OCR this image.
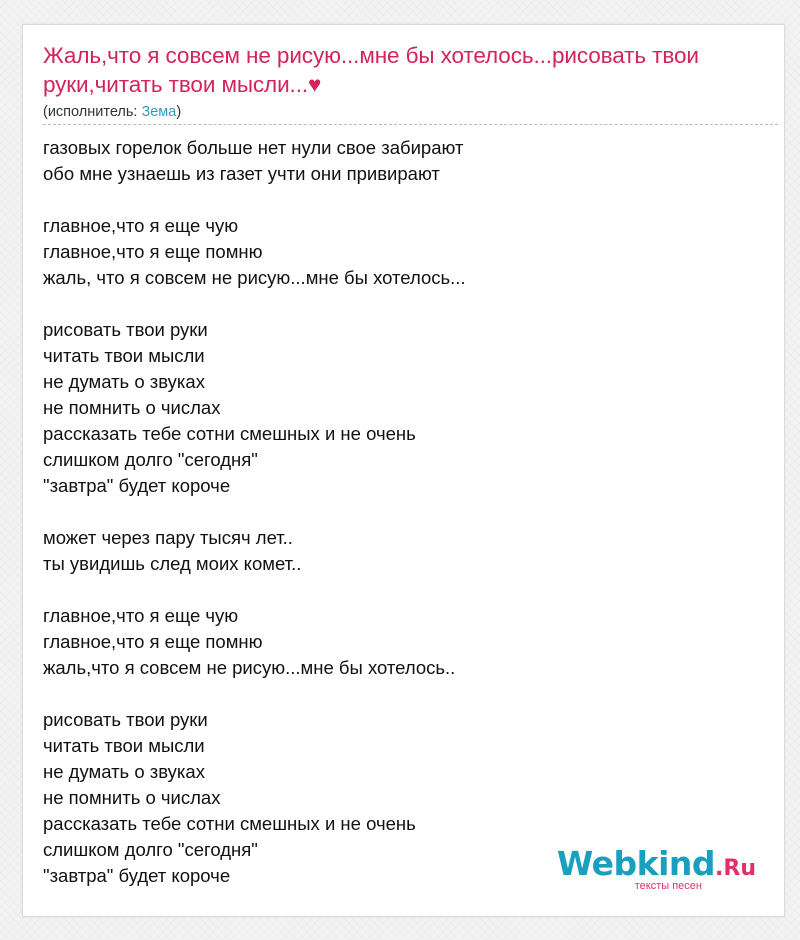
Жаль,что я совсем не рисую...мне бы хотелось...рисовать твои руки,читать твои мысли...♥
(исполнитель: Зема)
газовых горелок больше нет нули свое забирают
обо мне узнаешь из газет учти они привирают

главное,что я еще чую
главное,что я еще помню
жаль, что я совсем не рисую...мне бы хотелось...

рисовать твои руки
читать твои мысли
не думать о звуках
не помнить о числах
рассказать тебе сотни смешных и не очень
слишком долго "сегодня"
"завтра" будет короче

может через пару тысяч лет..
ты увидишь след моих комет..

главное,что я еще чую
главное,что я еще помню
жаль,что я совсем не рисую...мне бы хотелось..

рисовать твои руки
читать твои мысли
не думать о звуках
не помнить о числах
рассказать тебе сотни смешных и не очень
слишком долго "сегодня"
"завтра" будет короче	Webkind.Ru
тексты песен
